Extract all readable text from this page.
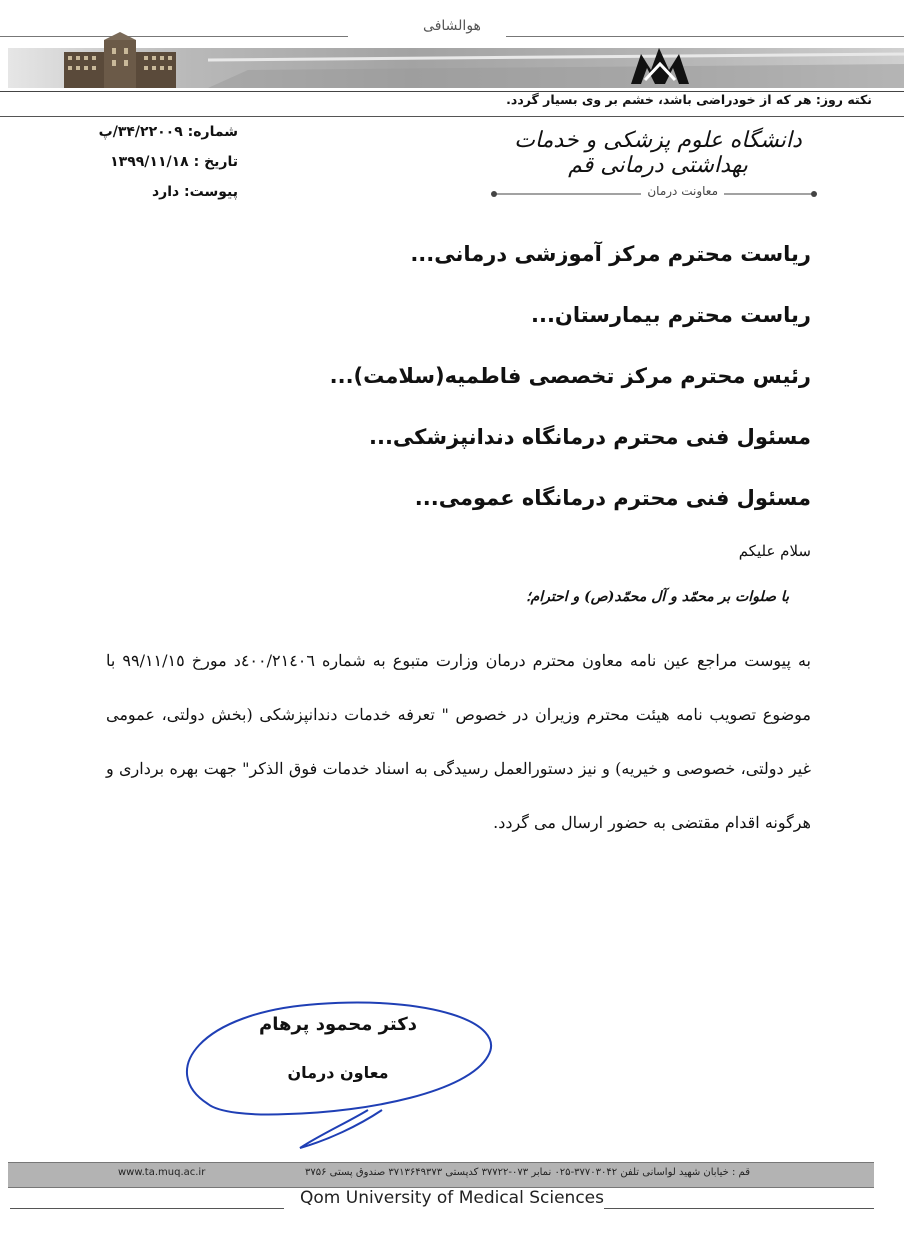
هوالشافی
نکته روز: هر که از خودراضی باشد، خشم بر وی بسیار گردد.
شماره: ۳۴/۲۲۰۰۹/پ
تاریخ : ۱۳۹۹/۱۱/۱۸
پیوست: دارد
دانشگاه علوم پزشکی و خدمات بهداشتی درمانی قم
معاونت درمان
ریاست محترم مرکز آموزشی درمانی...
ریاست محترم بیمارستان...
رئیس محترم مرکز تخصصی فاطمیه(سلامت)...
مسئول فنی محترم درمانگاه دندانپزشکی...
مسئول فنی محترم درمانگاه عمومی...
سلام علیکم
با صلوات بر محمّد و آل محمّد(ص) و احترام؛
به پیوست مراجع عین نامه معاون محترم درمان وزارت متبوع به شماره ٤٠٠/٢١٤٠٦د مورخ ٩٩/١١/١٥ با موضوع تصویب نامه هیئت محترم وزیران در خصوص " تعرفه خدمات دندانپزشکی (بخش دولتی، عمومی غیر دولتی، خصوصی و خیریه) و نیز دستورالعمل رسیدگی به اسناد خدمات فوق الذکر" جهت بهره برداری و هرگونه اقدام مقتضی به حضور ارسال می گردد.
دکتر محمود پرهام
معاون درمان
www.ta.muq.ac.ir	قم : خیابان شهید لواسانی تلفن ۳۷۷۰۳۰۴۲-۰۲۵ نمابر ۰۷۳-۳۷۷۲۲ کدپستی ۳۷۱۳۶۴۹۳۷۳ صندوق پستی ۳۷۵۶
Qom University of Medical Sciences
